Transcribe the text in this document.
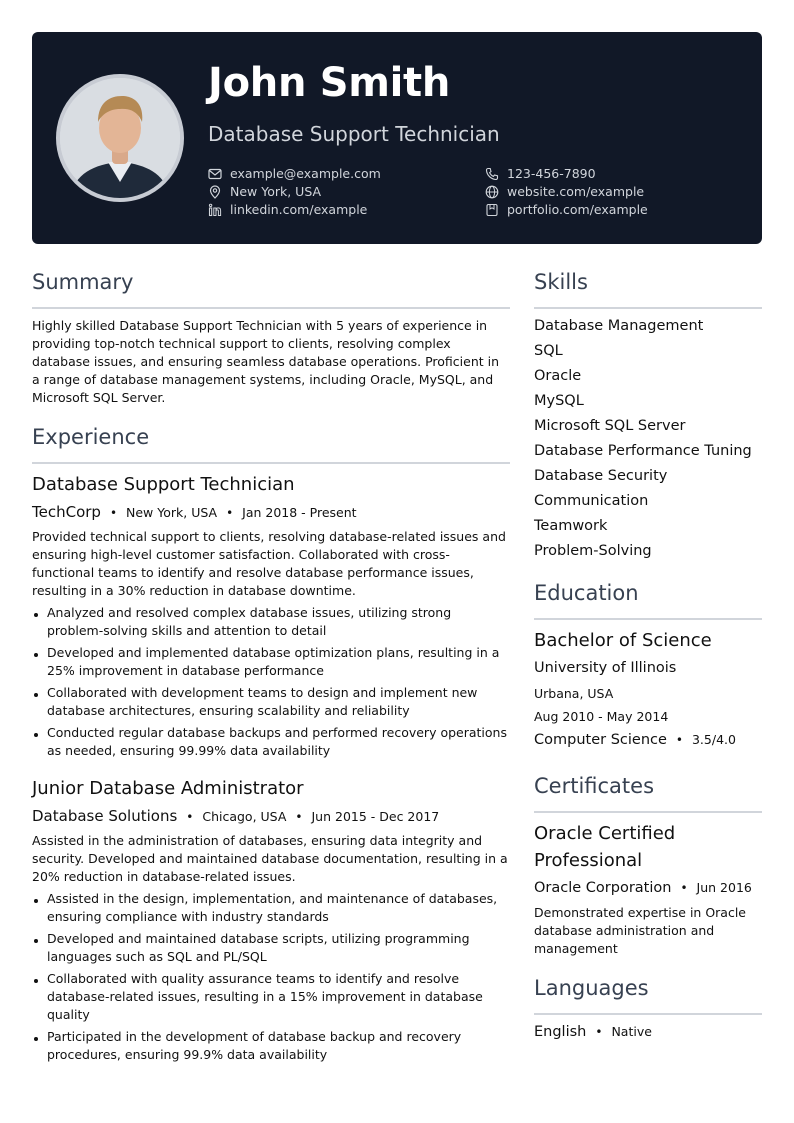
John Smith
Database Support Technician
example@example.com	123-456-7890
New York, USA	website.com/example
linkedin.com/example	portfolio.com/example
Summary
Highly skilled Database Support Technician with 5 years of experience in providing top-notch technical support to clients, resolving complex database issues, and ensuring seamless database operations. Proficient in a range of database management systems, including Oracle, MySQL, and Microsoft SQL Server.
Experience
Database Support Technician
TechCorp • New York, USA • Jan 2018 - Present
Provided technical support to clients, resolving database-related issues and ensuring high-level customer satisfaction. Collaborated with cross-functional teams to identify and resolve database performance issues, resulting in a 30% reduction in database downtime.
Analyzed and resolved complex database issues, utilizing strong problem-solving skills and attention to detail
Developed and implemented database optimization plans, resulting in a 25% improvement in database performance
Collaborated with development teams to design and implement new database architectures, ensuring scalability and reliability
Conducted regular database backups and performed recovery operations as needed, ensuring 99.99% data availability
Junior Database Administrator
Database Solutions • Chicago, USA • Jun 2015 - Dec 2017
Assisted in the administration of databases, ensuring data integrity and security. Developed and maintained database documentation, resulting in a 20% reduction in database-related issues.
Assisted in the design, implementation, and maintenance of databases, ensuring compliance with industry standards
Developed and maintained database scripts, utilizing programming languages such as SQL and PL/SQL
Collaborated with quality assurance teams to identify and resolve database-related issues, resulting in a 15% improvement in database quality
Participated in the development of database backup and recovery procedures, ensuring 99.9% data availability
Skills
Database Management
SQL
Oracle
MySQL
Microsoft SQL Server
Database Performance Tuning
Database Security
Communication
Teamwork
Problem-Solving
Education
Bachelor of Science
University of Illinois
Urbana, USA
Aug 2010 - May 2014
Computer Science • 3.5/4.0
Certificates
Oracle Certified
Professional
Oracle Corporation • Jun 2016
Demonstrated expertise in Oracle database administration and management
Languages
English • Native
